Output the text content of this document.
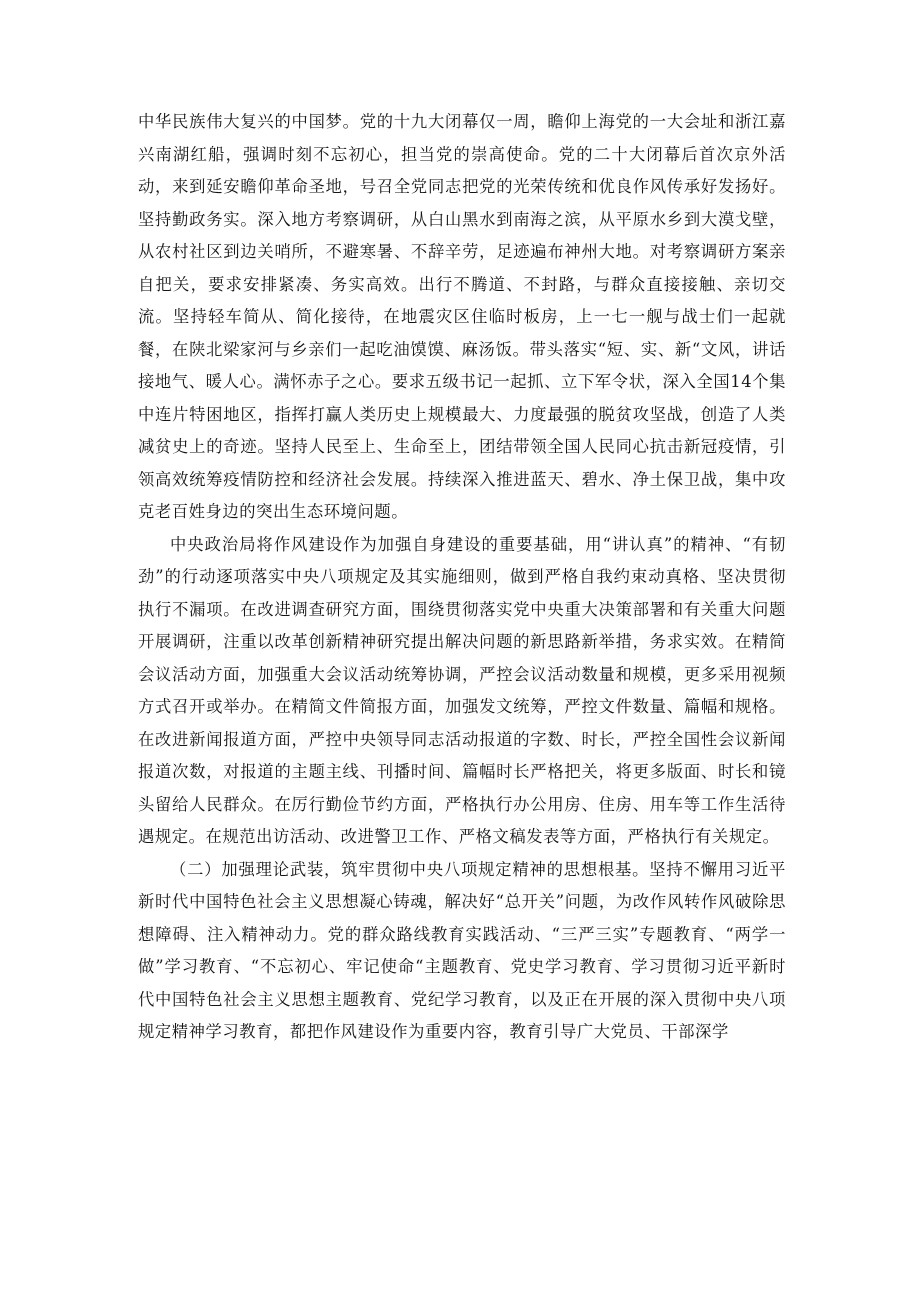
中华民族伟大复兴的中国梦。党的十九大闭幕仅一周，瞻仰上海党的一大会址和浙江嘉兴南湖红船，强调时刻不忘初心，担当党的崇高使命。党的二十大闭幕后首次京外活动，来到延安瞻仰革命圣地，号召全党同志把党的光荣传统和优良作风传承好发扬好。坚持勤政务实。深入地方考察调研，从白山黑水到南海之滨，从平原水乡到大漠戈壁，从农村社区到边关哨所，不避寒暑、不辞辛劳，足迹遍布神州大地。对考察调研方案亲自把关，要求安排紧凑、务实高效。出行不腾道、不封路，与群众直接接触、亲切交流。坚持轻车简从、简化接待，在地震灾区住临时板房，上一七一舰与战士们一起就餐，在陕北梁家河与乡亲们一起吃油馍馍、麻汤饭。带头落实“短、实、新“文风，讲话接地气、暖人心。满怀赤子之心。要求五级书记一起抓、立下军令状，深入全国14个集中连片特困地区，指挥打赢人类历史上规模最大、力度最强的脱贫攻坚战，创造了人类减贫史上的奇迹。坚持人民至上、生命至上，团结带领全国人民同心抗击新冠疫情，引领高效统筹疫情防控和经济社会发展。持续深入推进蓝天、碧水、净土保卫战，集中攻克老百姓身边的突出生态环境问题。

中央政治局将作风建设作为加强自身建设的重要基础，用“讲认真”的精神、“有韧劲”的行动逐项落实中央八项规定及其实施细则，做到严格自我约束动真格、坚决贯彻执行不漏项。在改进调查研究方面，围绕贯彻落实党中央重大决策部署和有关重大问题开展调研，注重以改革创新精神研究提出解决问题的新思路新举措，务求实效。在精简会议活动方面，加强重大会议活动统筹协调，严控会议活动数量和规模，更多采用视频方式召开或举办。在精简文件简报方面，加强发文统筹，严控文件数量、篇幅和规格。在改进新闻报道方面，严控中央领导同志活动报道的字数、时长，严控全国性会议新闻报道次数，对报道的主题主线、刊播时间、篇幅时长严格把关，将更多版面、时长和镜头留给人民群众。在厉行勤俭节约方面，严格执行办公用房、住房、用车等工作生活待遇规定。在规范出访活动、改进警卫工作、严格文稿发表等方面，严格执行有关规定。

（二）加强理论武装，筑牢贯彻中央八项规定精神的思想根基。坚持不懈用习近平新时代中国特色社会主义思想凝心铸魂，解决好“总开关”问题，为改作风转作风破除思想障碍、注入精神动力。党的群众路线教育实践活动、“三严三实”专题教育、“两学一做”学习教育、“不忘初心、牢记使命“主题教育、党史学习教育、学习贯彻习近平新时代中国特色社会主义思想主题教育、党纪学习教育，以及正在开展的深入贯彻中央八项规定精神学习教育，都把作风建设作为重要内容，教育引导广大党员、干部深学
